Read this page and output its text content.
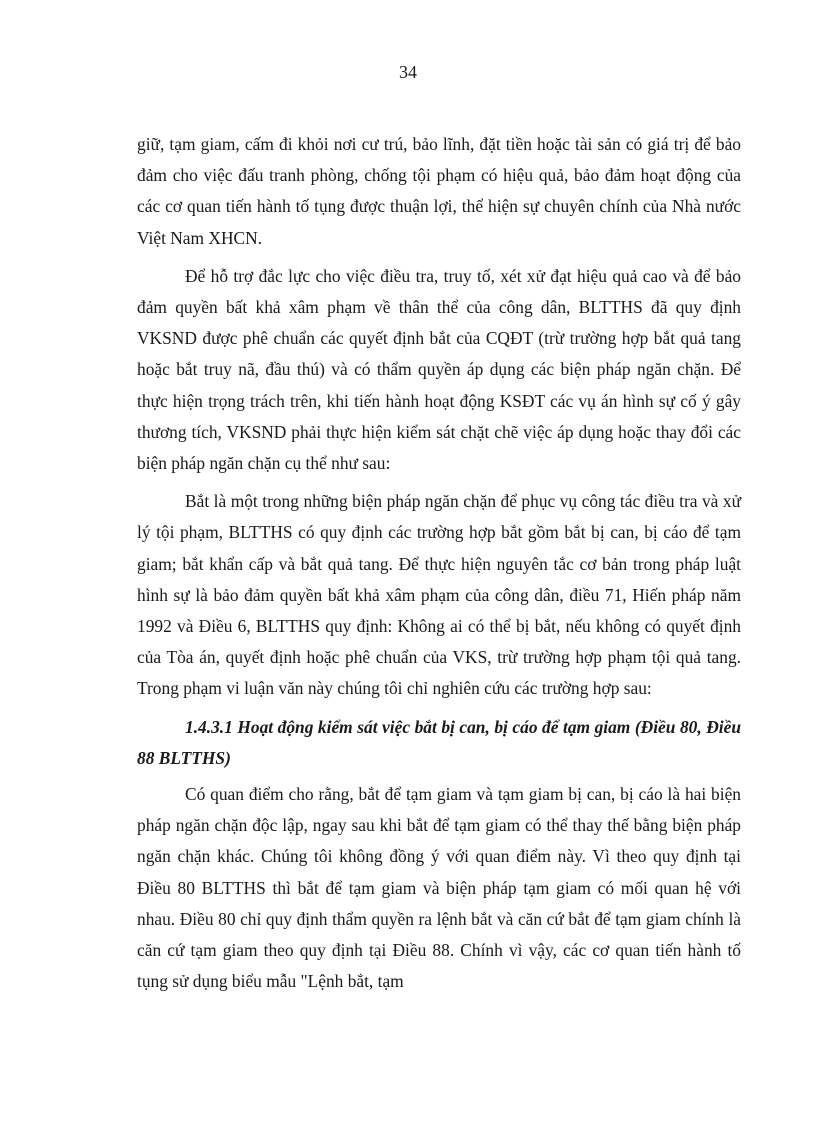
34

giữ, tạm giam, cấm đi khỏi nơi cư trú, bảo lĩnh, đặt tiền hoặc tài sản có giá trị để bảo đảm cho việc đấu tranh phòng, chống tội phạm có hiệu quả, bảo đảm hoạt động của các cơ quan tiến hành tố tụng được thuận lợi, thể hiện sự chuyên chính của Nhà nước Việt Nam XHCN.

Để hỗ trợ đắc lực cho việc điều tra, truy tố, xét xử đạt hiệu quả cao và để bảo đảm quyền bất khả xâm phạm về thân thể của công dân, BLTTHS đã quy định VKSND được phê chuẩn các quyết định bắt của CQĐT (trừ trường hợp bắt quả tang hoặc bắt truy nã, đầu thú) và có thẩm quyền áp dụng các biện pháp ngăn chặn. Để thực hiện trọng trách trên, khi tiến hành hoạt động KSĐT các vụ án hình sự cố ý gây thương tích, VKSND phải thực hiện kiểm sát chặt chẽ việc áp dụng hoặc thay đổi các biện pháp ngăn chặn cụ thể như sau:

Bắt là một trong những biện pháp ngăn chặn để phục vụ công tác điều tra và xử lý tội phạm, BLTTHS có quy định các trường hợp bắt gồm bắt bị can, bị cáo để tạm giam; bắt khẩn cấp và bắt quả tang. Để thực hiện nguyên tắc cơ bản trong pháp luật hình sự là bảo đảm quyền bất khả xâm phạm của công dân, điều 71, Hiến pháp năm 1992 và Điều 6, BLTTHS quy định: Không ai có thể bị bắt, nếu không có quyết định của Tòa án, quyết định hoặc phê chuẩn của VKS, trừ trường hợp phạm tội quả tang. Trong phạm vi luận văn này chúng tôi chỉ nghiên cứu các trường hợp sau:

1.4.3.1 Hoạt động kiểm sát việc bắt bị can, bị cáo để tạm giam (Điều 80, Điều 88 BLTTHS)

Có quan điểm cho rằng, bắt để tạm giam và tạm giam bị can, bị cáo là hai biện pháp ngăn chặn độc lập, ngay sau khi bắt để tạm giam có thể thay thế bằng biện pháp ngăn chặn khác. Chúng tôi không đồng ý với quan điểm này. Vì theo quy định tại Điều 80 BLTTHS thì bắt để tạm giam và biện pháp tạm giam có mối quan hệ với nhau. Điều 80 chỉ quy định thẩm quyền ra lệnh bắt và căn cứ bắt để tạm giam chính là căn cứ tạm giam theo quy định tại Điều 88. Chính vì vậy, các cơ quan tiến hành tố tụng sử dụng biểu mẫu "Lệnh bắt, tạm
